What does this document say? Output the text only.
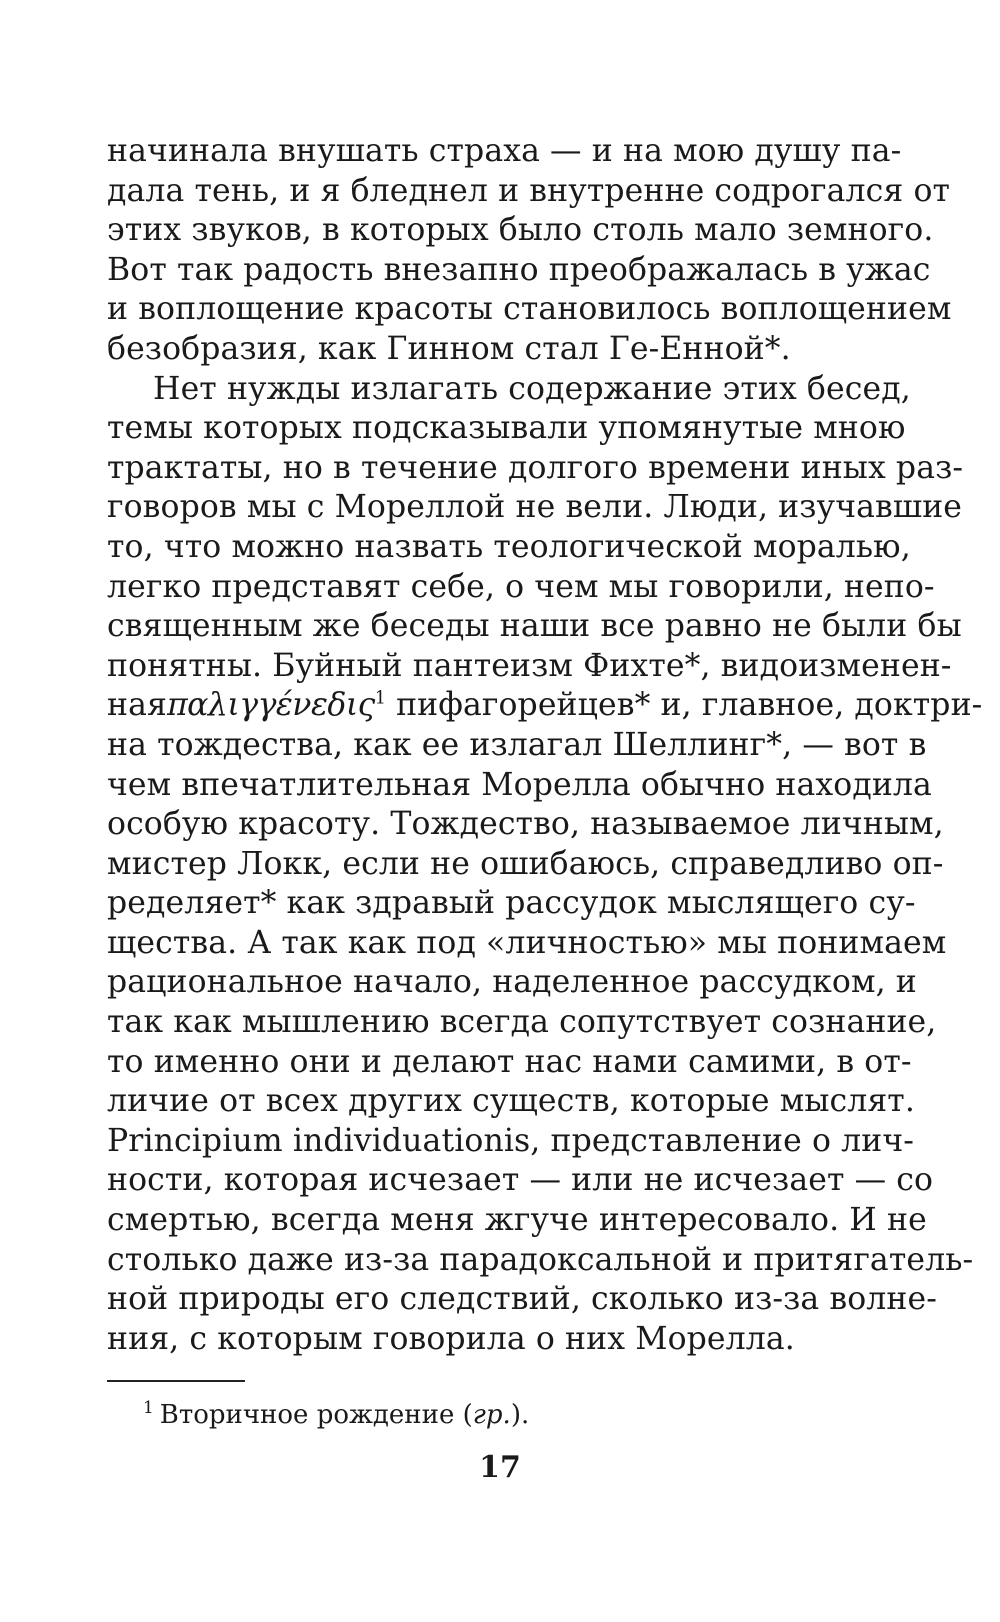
начинала внушать страха — и на мою душу па-
дала тень, и я бледнел и внутренне содрогался от
этих звуков, в которых было столь мало земного.
Вот так радость внезапно преображалась в ужас
и воплощение красоты становилось воплощением
безобразия, как Гинном стал Ге-Енной*.
Нет нужды излагать содержание этих бесед,
темы которых подсказывали упомянутые мною
трактаты, но в течение долгого времени иных раз-
говоров мы с Мореллой не вели. Люди, изучавшие
то, что можно назвать теологической моралью,
легко представят себе, о чем мы говорили, непо-
священным же беседы наши все равно не были бы
понятны. Буйный пантеизм Фихте*, видоизменен-
наяπαλιγγένεδις$^1$ пифагорейцев* и, главное, доктри-
на тождества, как ее излагал Шеллинг*, — вот в
чем впечатлительная Морелла обычно находила
особую красоту. Тождество, называемое личным,
мистер Локк, если не ошибаюсь, справедливо оп-
ределяет* как здравый рассудок мыслящего су-
щества. А так как под «личностью» мы понимаем
рациональное начало, наделенное рассудком, и
так как мышлению всегда сопутствует сознание,
то именно они и делают нас нами самими, в от-
личие от всех других существ, которые мыслят.
Principium individuationis, представление о лич-
ности, которая исчезает — или не исчезает — со
смертью, всегда меня жгуче интересовало. И не
столько даже из-за парадоксальной и притягатель-
ной природы его следствий, сколько из-за волне-
ния, с которым говорила о них Морелла.
$^1$ Вторичное рождение (гр.).
17
